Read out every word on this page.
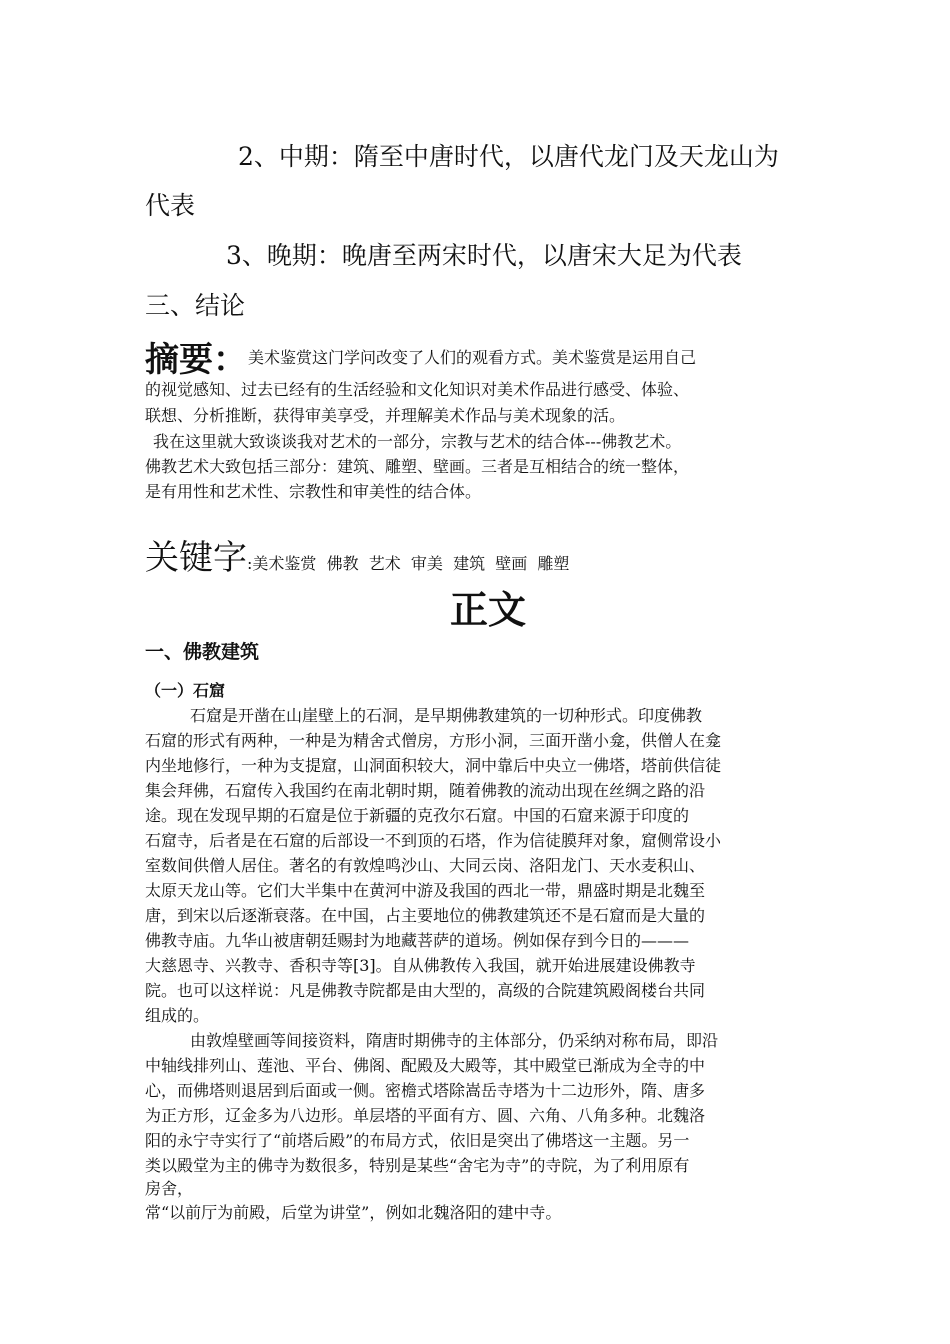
2、中期：隋至中唐时代，以唐代龙门及天龙山为
代表
3、晚期：晚唐至两宋时代，以唐宋大足为代表
三、结论
摘要： 美术鉴赏这门学问改变了人们的观看方式。美术鉴赏是运用自己
的视觉感知、过去已经有的生活经验和文化知识对美术作品进行感受、体验、
联想、分析推断，获得审美享受，并理解美术作品与美术现象的活。
我在这里就大致谈谈我对艺术的一部分，宗教与艺术的结合体---佛教艺术。
佛教艺术大致包括三部分：建筑、雕塑、壁画。三者是互相结合的统一整体，
是有用性和艺术性、宗教性和审美性的结合体。
关键字:美术鉴赏  佛教  艺术  审美  建筑  壁画  雕塑
正文
一、佛教建筑
（一）石窟
石窟是开凿在山崖壁上的石洞，是早期佛教建筑的一切种形式。印度佛教
石窟的形式有两种，一种是为精舍式僧房，方形小洞，三面开凿小龛，供僧人在龛
内坐地修行，一种为支提窟，山洞面积较大，洞中靠后中央立一佛塔，塔前供信徒
集会拜佛，石窟传入我国约在南北朝时期，随着佛教的流动出现在丝绸之路的沿
途。现在发现早期的石窟是位于新疆的克孜尔石窟。中国的石窟来源于印度的
石窟寺，后者是在石窟的后部设一不到顶的石塔，作为信徒膜拜对象，窟侧常设小
室数间供僧人居住。著名的有敦煌鸣沙山、大同云岗、洛阳龙门、天水麦积山、
太原天龙山等。它们大半集中在黄河中游及我国的西北一带，鼎盛时期是北魏至
唐，到宋以后逐渐衰落。在中国，占主要地位的佛教建筑还不是石窟而是大量的
佛教寺庙。九华山被唐朝廷赐封为地藏菩萨的道场。例如保存到今日的———
大慈恩寺、兴教寺、香积寺等[3]。自从佛教传入我国，就开始进展建设佛教寺
院。也可以这样说：凡是佛教寺院都是由大型的，高级的合院建筑殿阁楼台共同
组成的。
由敦煌壁画等间接资料，隋唐时期佛寺的主体部分，仍采纳对称布局，即沿
中轴线排列山、莲池、平台、佛阁、配殿及大殿等，其中殿堂已渐成为全寺的中
心，而佛塔则退居到后面或一侧。密檐式塔除嵩岳寺塔为十二边形外，隋、唐多
为正方形，辽金多为八边形。单层塔的平面有方、圆、六角、八角多种。北魏洛
阳的永宁寺实行了“前塔后殿”的布局方式，依旧是突出了佛塔这一主题。另一
类以殿堂为主的佛寺为数很多，特别是某些“舍宅为寺”的寺院，为了利用原有
房舍，
常“以前厅为前殿，后堂为讲堂”，例如北魏洛阳的建中寺。
